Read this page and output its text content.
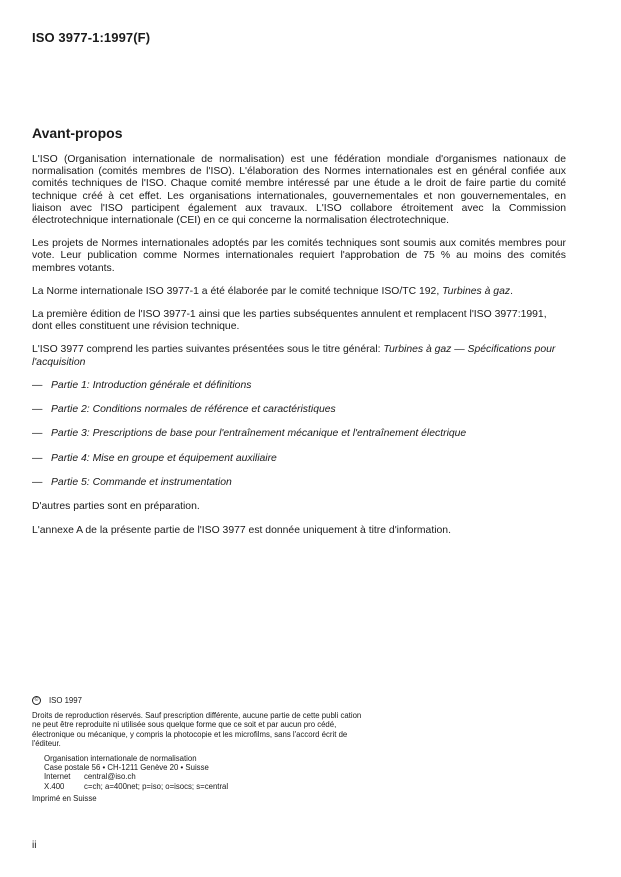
ISO 3977-1:1997(F)
Avant-propos

L'ISO (Organisation internationale de normalisation) est une fédération mondiale d'organismes nationaux de normalisation (comités membres de l'ISO). L'élaboration des Normes internationales est en général confiée aux comités techniques de l'ISO. Chaque comité membre intéressé par une étude a le droit de faire partie du comité technique créé à cet effet. Les organisations internationales, gouvernementales et non gouvernementales, en liaison avec l'ISO participent également aux travaux. L'ISO collabore étroitement avec la Commission électrotechnique internationale (CEI) en ce qui concerne la normalisation électrotechnique.

Les projets de Normes internationales adoptés par les comités techniques sont soumis aux comités membres pour vote. Leur publication comme Normes internationales requiert l'approbation de 75 % au moins des comités membres votants.

La Norme internationale ISO 3977-1 a été élaborée par le comité technique ISO/TC 192, Turbines à gaz.

La première édition de l'ISO 3977-1 ainsi que les parties subséquentes annulent et remplacent l'ISO 3977:1991, dont elles constituent une révision technique.

L'ISO 3977 comprend les parties suivantes présentées sous le titre général: Turbines à gaz — Spécifications pour l'acquisition

— Partie 1: Introduction générale et définitions
— Partie 2: Conditions normales de référence et caractéristiques
— Partie 3: Prescriptions de base pour l'entraînement mécanique et l'entraînement électrique
— Partie 4: Mise en groupe et équipement auxiliaire
— Partie 5: Commande et instrumentation

D'autres parties sont en préparation.

L'annexe A de la présente partie de l'ISO 3977 est donnée uniquement à titre d'information.

©	ISO 1997
Droits de reproduction réservés. Sauf prescription différente, aucune partie de cette publi cation ne peut être reproduite ni utilisée sous quelque forme que ce soit et par aucun pro cédé, électronique ou mécanique, y compris la photocopie et les microfilms, sans l'accord écrit de l'éditeur.
Organisation internationale de normalisation
Case postale 56 • CH-1211 Genève 20 • Suisse
Internet	central@iso.ch
X.400	c=ch; a=400net; p=iso; o=isocs; s=central
Imprimé en Suisse
ii
